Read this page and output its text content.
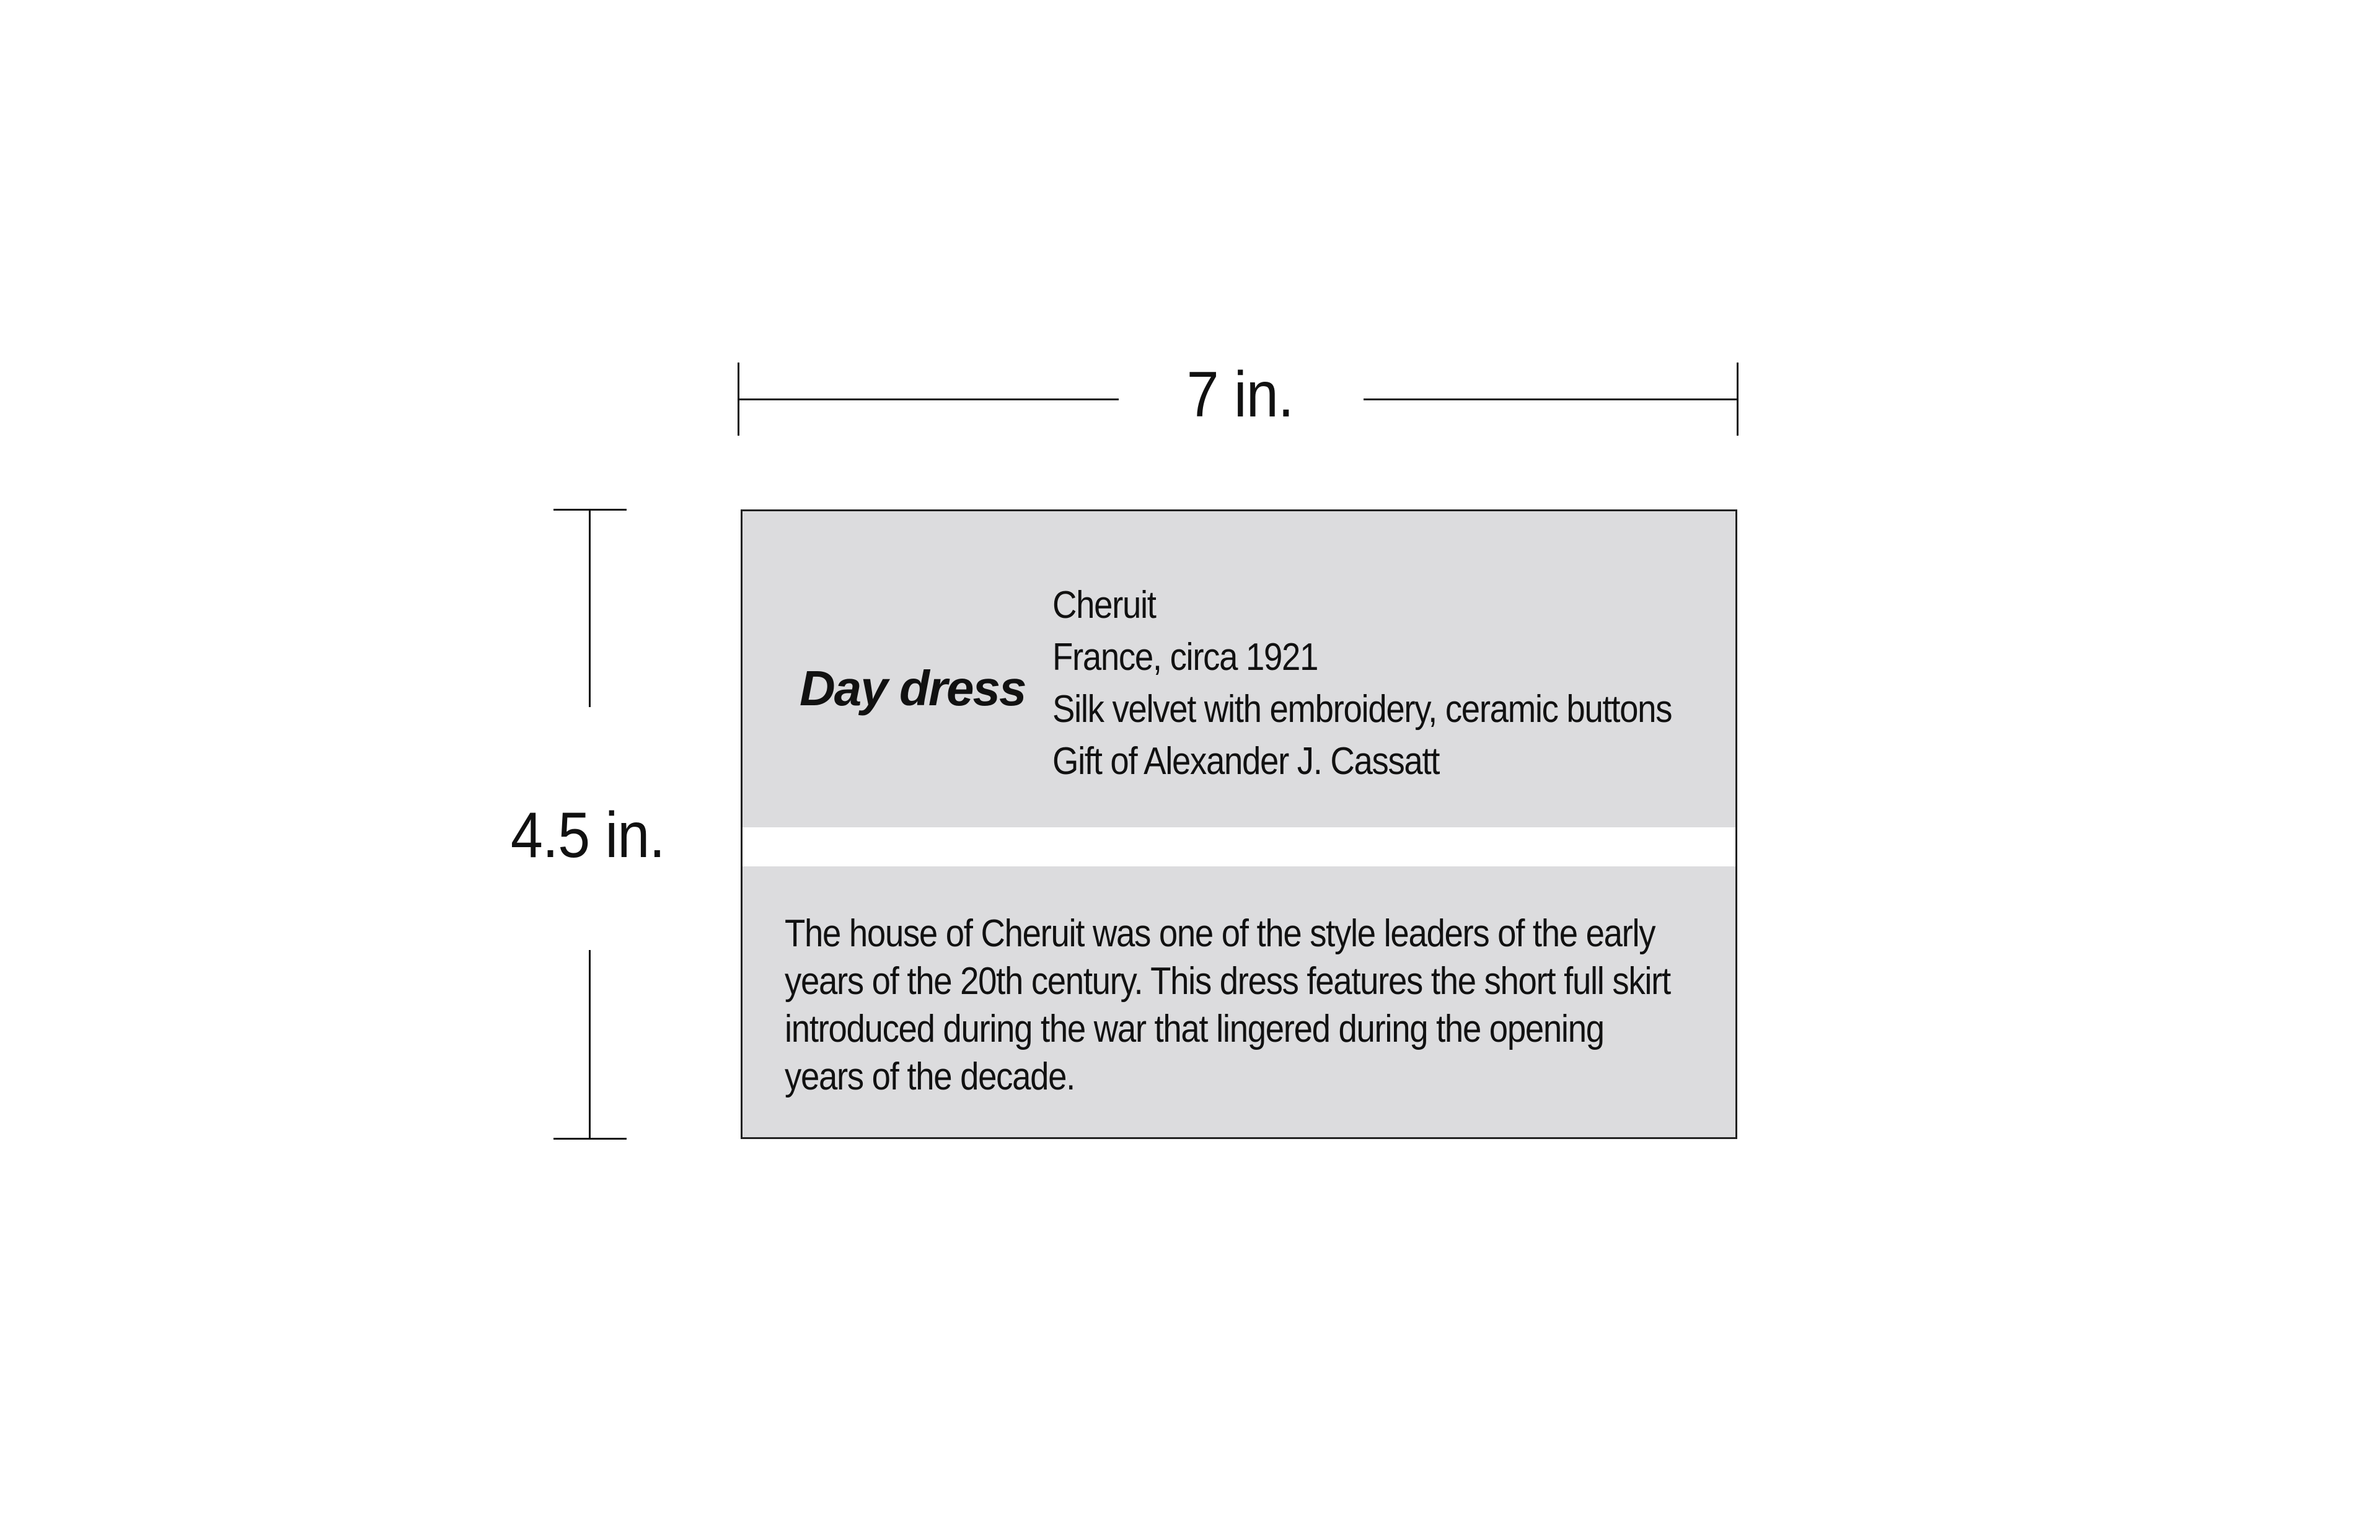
7 in.
4.5 in.
Day dress
Cheruit
France, circa 1921
Silk velvet with embroidery, ceramic buttons
Gift of Alexander J. Cassatt
The house of Cheruit was one of the style leaders of the early
years of the 20th century. This dress features the short full skirt
introduced during the war that lingered during the opening
years of the decade.
